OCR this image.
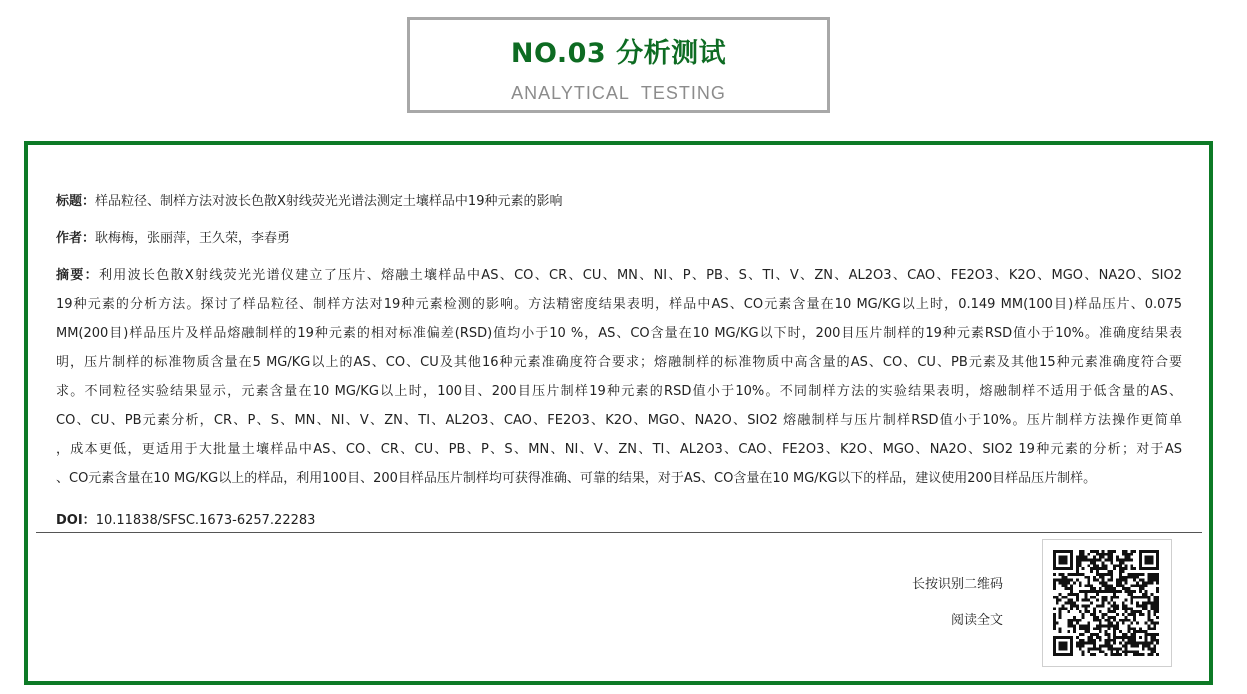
NO.03 分析测试
ANALYTICAL TESTING
标题：样品粒径、制样方法对波长色散X射线荧光光谱法测定土壤样品中19种元素的影响
作者：耿梅梅，张丽萍，王久荣，李春勇
摘要：利用波长色散X射线荧光光谱仪建立了压片、熔融土壤样品中AS、CO、CR、CU、MN、NI、P、PB、S、TI、V、ZN、AL2O3、CAO、FE2O3、K2O、MGO、NA2O、SIO2
19种元素的分析方法。探讨了样品粒径、制样方法对19种元素检测的影响。方法精密度结果表明，样品中AS、CO元素含量在10 MG/KG以上时，0.149 MM(100目)样品压片、0.075
MM(200目)样品压片及样品熔融制样的19种元素的相对标准偏差(RSD)值均小于10 %，AS、CO含量在10 MG/KG以下时，200目压片制样的19种元素RSD值小于10%。准确度结果表
明，压片制样的标准物质含量在5 MG/KG以上的AS、CO、CU及其他16种元素准确度符合要求；熔融制样的标准物质中高含量的AS、CO、CU、PB元素及其他15种元素准确度符合要
求。不同粒径实验结果显示，元素含量在10 MG/KG以上时，100目、200目压片制样19种元素的RSD值小于10%。不同制样方法的实验结果表明，熔融制样不适用于低含量的AS、
CO、CU、PB元素分析，CR、P、S、MN、NI、V、ZN、TI、AL2O3、CAO、FE2O3、K2O、MGO、NA2O、SIO2 熔融制样与压片制样RSD值小于10%。压片制样方法操作更简单
，成本更低，更适用于大批量土壤样品中AS、CO、CR、CU、PB、P、S、MN、NI、V、ZN、TI、AL2O3、CAO、FE2O3、K2O、MGO、NA2O、SIO2 19种元素的分析；对于AS
、CO元素含量在10 MG/KG以上的样品，利用100目、200目样品压片制样均可获得准确、可靠的结果，对于AS、CO含量在10 MG/KG以下的样品，建议使用200目样品压片制样。
DOI：10.11838/SFSC.1673-6257.22283
长按识别二维码
阅读全文
